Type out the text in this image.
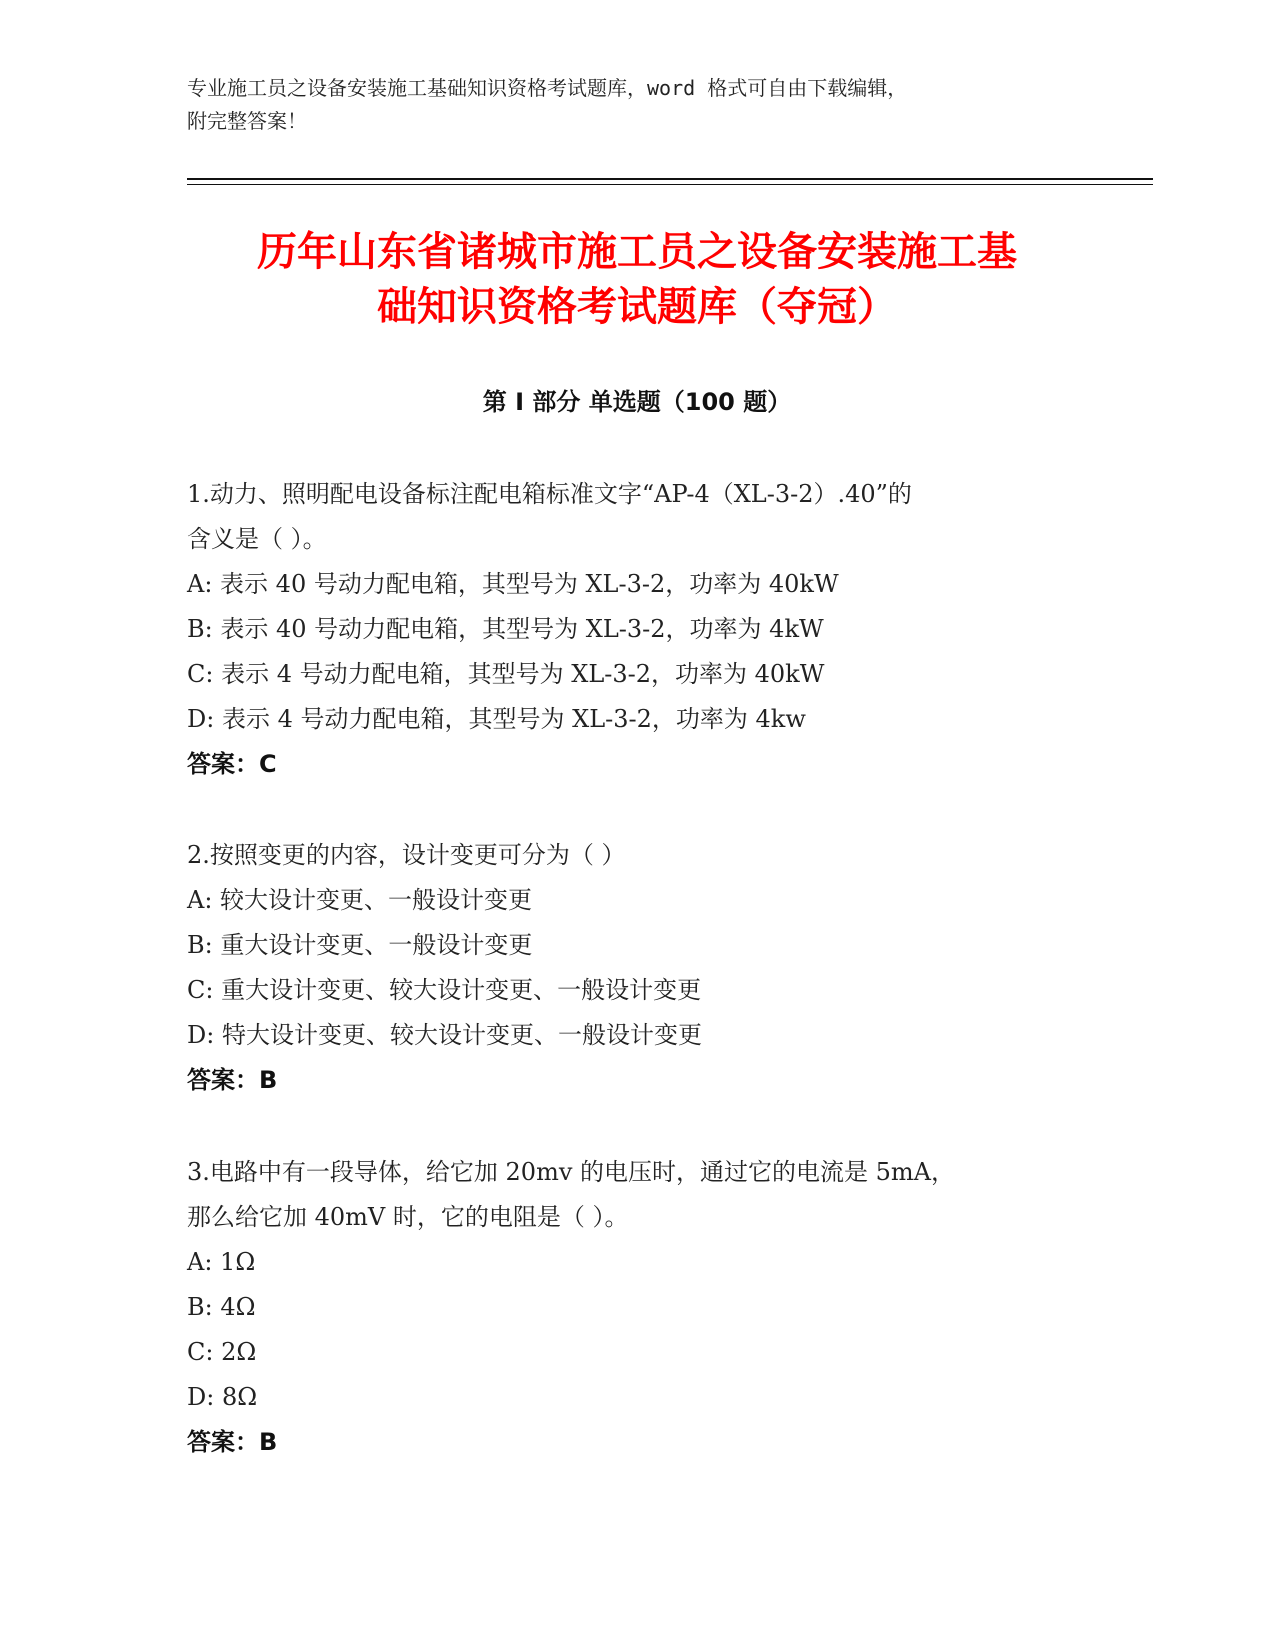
专业施工员之设备安装施工基础知识资格考试题库，word 格式可自由下载编辑，
附完整答案！
历年山东省诸城市施工员之设备安装施工基
础知识资格考试题库（夺冠）
第 I 部分 单选题（100 题）
1.动力、照明配电设备标注配电箱标准文字“AP-4（XL-3-2）.40”的
含义是（ ）。
A: 表示 40 号动力配电箱，其型号为 XL-3-2，功率为 40kW
B: 表示 40 号动力配电箱，其型号为 XL-3-2，功率为 4kW
C: 表示 4 号动力配电箱，其型号为 XL-3-2，功率为 40kW
D: 表示 4 号动力配电箱，其型号为 XL-3-2，功率为 4kw
答案：C
2.按照变更的内容，设计变更可分为（ ）
A: 较大设计变更、一般设计变更
B: 重大设计变更、一般设计变更
C: 重大设计变更、较大设计变更、一般设计变更
D: 特大设计变更、较大设计变更、一般设计变更
答案：B
3.电路中有一段导体，给它加 20mv 的电压时，通过它的电流是 5mA，
那么给它加 40mV 时，它的电阻是（ ）。
A: 1Ω
B: 4Ω
C: 2Ω
D: 8Ω
答案：B
